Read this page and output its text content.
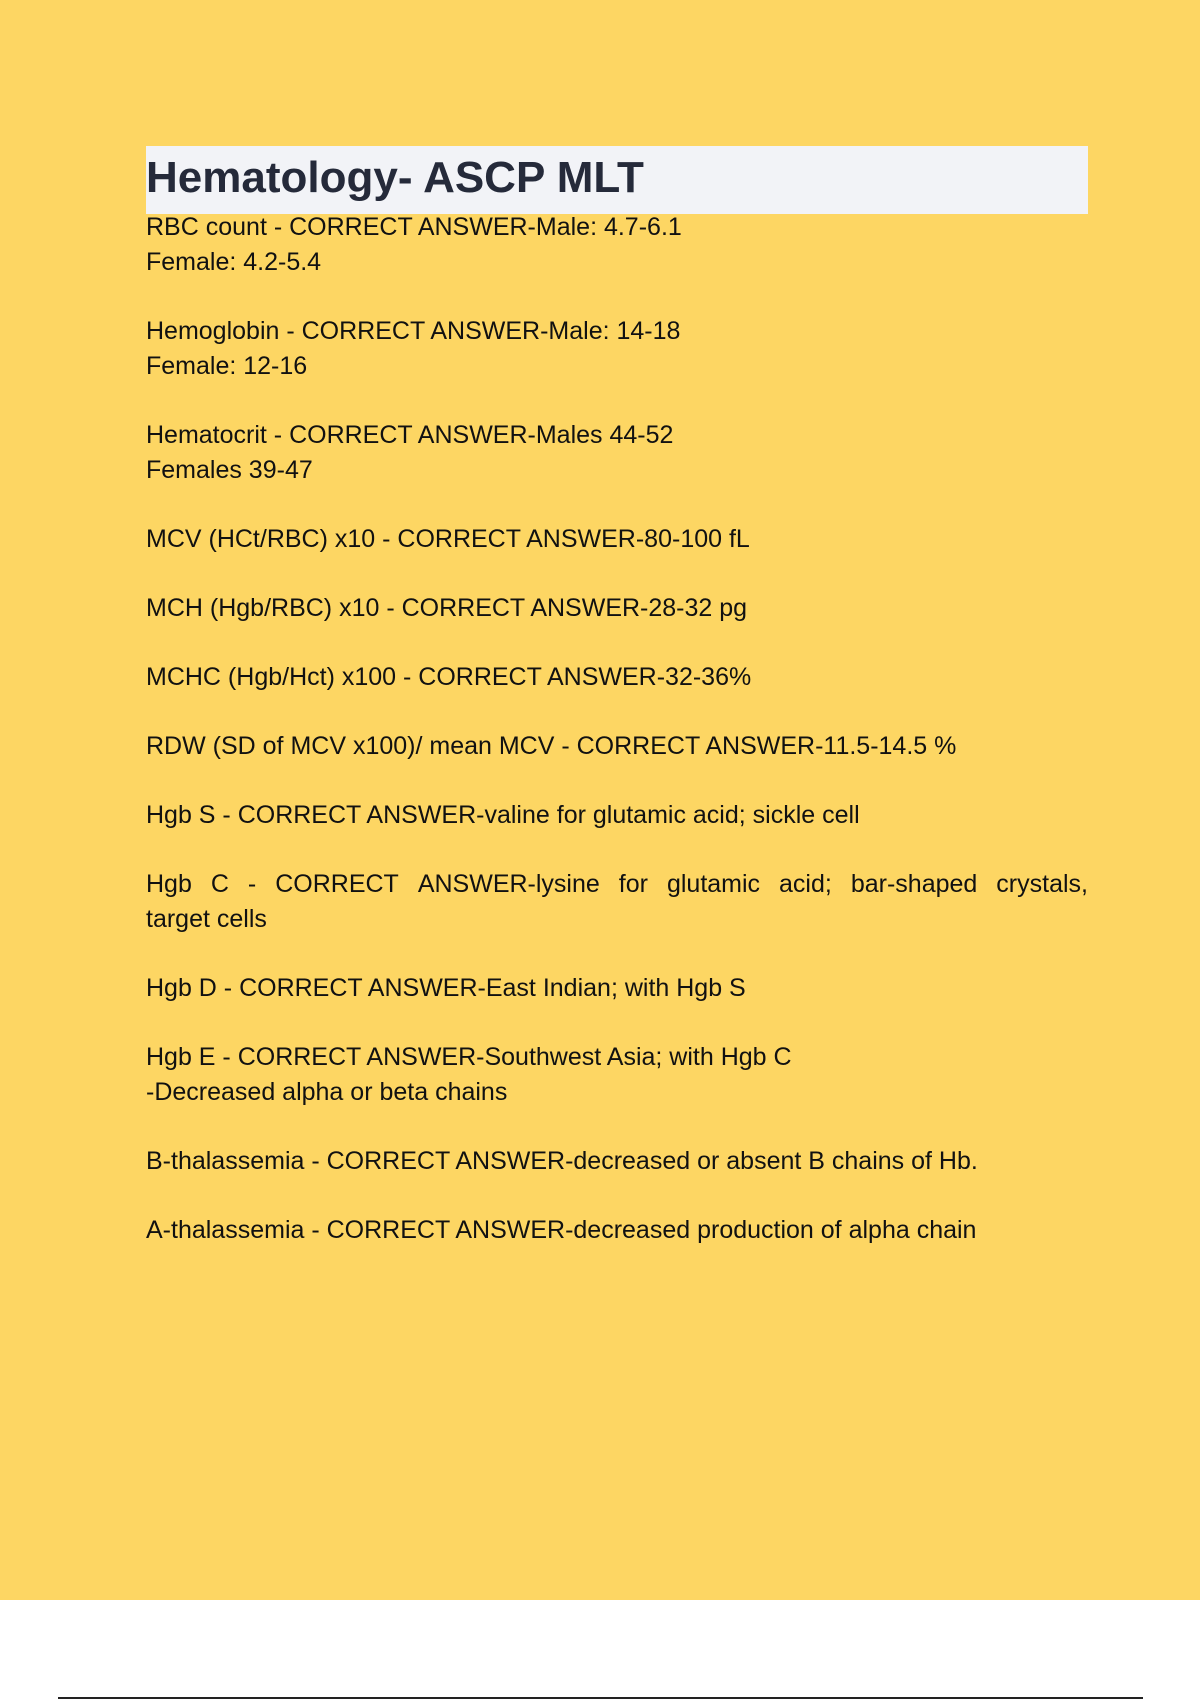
Hematology- ASCP MLT

RBC count - CORRECT ANSWER-Male: 4.7-6.1
Female: 4.2-5.4

Hemoglobin - CORRECT ANSWER-Male: 14-18
Female: 12-16

Hematocrit - CORRECT ANSWER-Males 44-52
Females 39-47

MCV (HCt/RBC) x10 - CORRECT ANSWER-80-100 fL

MCH (Hgb/RBC) x10 - CORRECT ANSWER-28-32 pg

MCHC (Hgb/Hct) x100 - CORRECT ANSWER-32-36%

RDW (SD of MCV x100)/ mean MCV - CORRECT ANSWER-11.5-14.5 %

Hgb S - CORRECT ANSWER-valine for glutamic acid; sickle cell

Hgb C - CORRECT ANSWER-lysine for glutamic acid; bar-shaped crystals,
target cells

Hgb D - CORRECT ANSWER-East Indian; with Hgb S

Hgb E - CORRECT ANSWER-Southwest Asia; with Hgb C
-Decreased alpha or beta chains

B-thalassemia - CORRECT ANSWER-decreased or absent B chains of Hb.

A-thalassemia - CORRECT ANSWER-decreased production of alpha chain
